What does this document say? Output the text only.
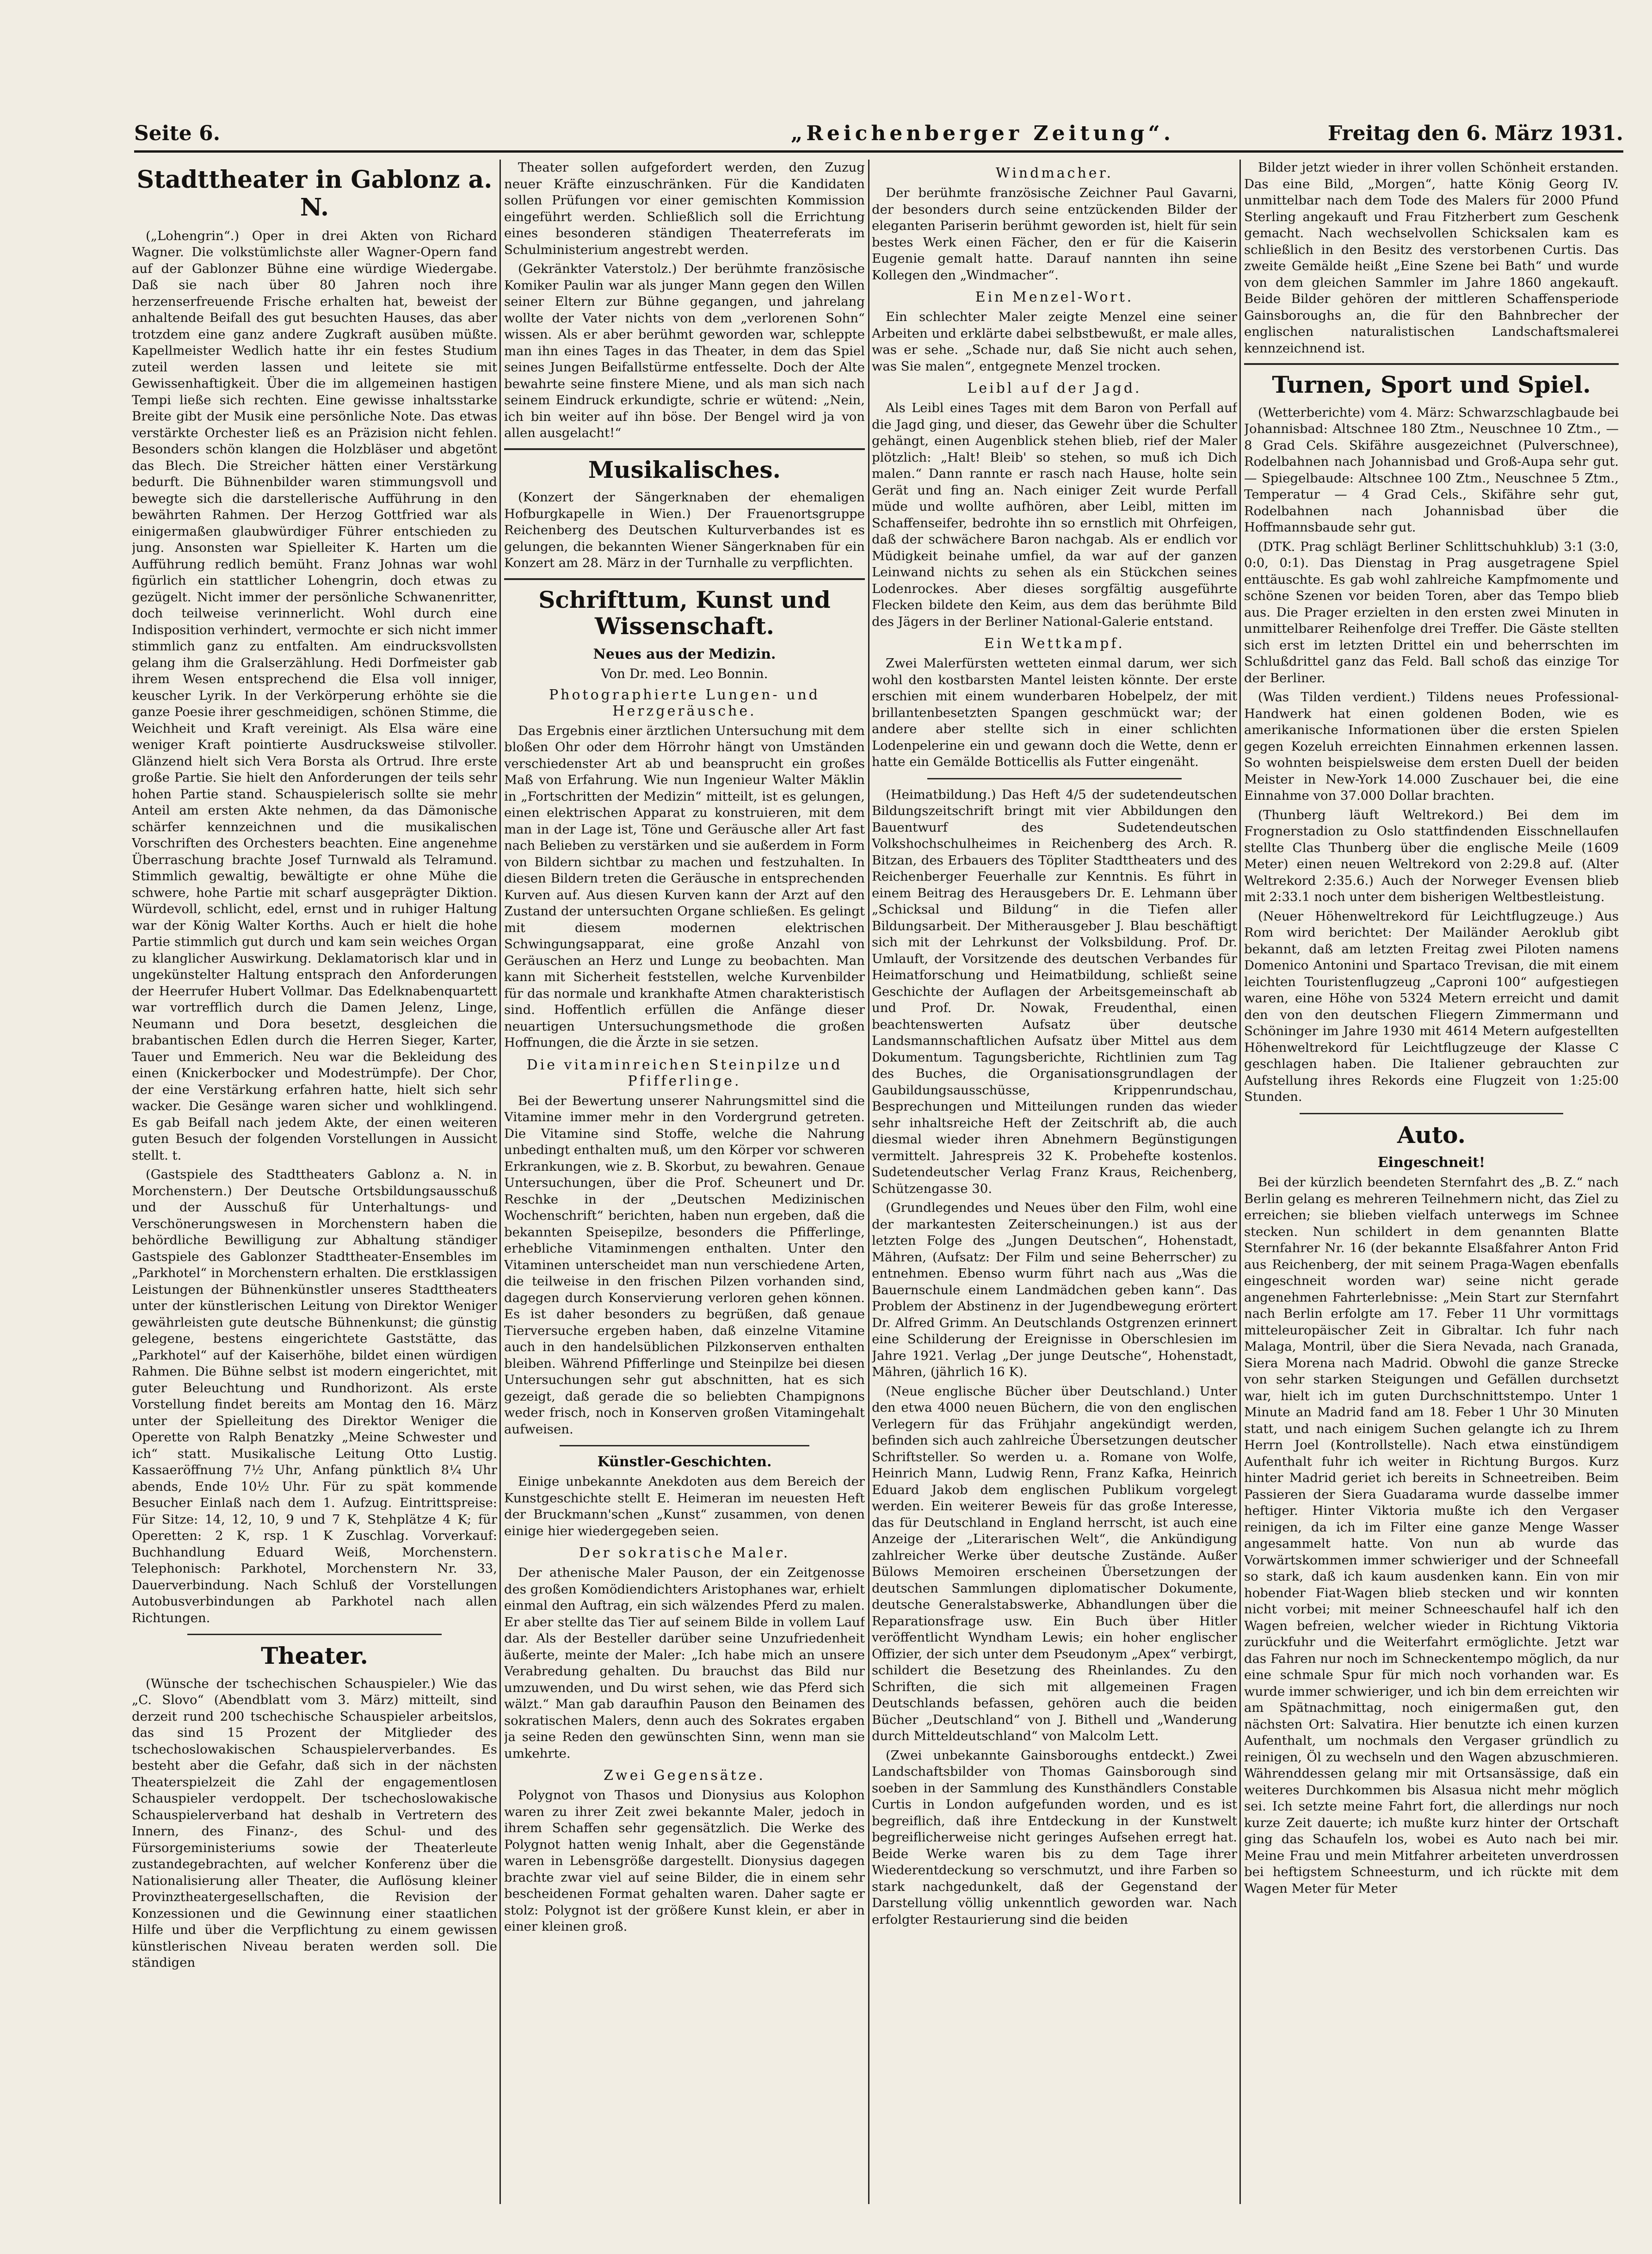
Seite 6.	„Reichenberger Zeitung“.	Freitag den 6. März 1931.
Stadttheater in Gablonz a. N.

(„Lohengrin“.) Oper in drei Akten von Richard Wagner. Die volkstümlichste aller Wagner-Opern fand auf der Gablonzer Bühne eine würdige Wiedergabe. Daß sie nach über 80 Jahren noch ihre herzenserfreuende Frische erhalten hat, beweist der anhaltende Beifall des gut besuchten Hauses, das aber trotzdem eine ganz andere Zugkraft ausüben müßte. Kapellmeister Wedlich hatte ihr ein festes Studium zuteil werden lassen und leitete sie mit Gewissenhaftigkeit. Über die im allgemeinen hastigen Tempi ließe sich rechten. Eine gewisse inhaltsstarke Breite gibt der Musik eine persönliche Note. Das etwas verstärkte Orchester ließ es an Präzision nicht fehlen. Besonders schön klangen die Holzbläser und abgetönt das Blech. Die Streicher hätten einer Verstärkung bedurft. Die Bühnenbilder waren stimmungsvoll und bewegte sich die darstellerische Aufführung in den bewährten Rahmen. Der Herzog Gottfried war als einigermaßen glaubwürdiger Führer entschieden zu jung. Ansonsten war Spielleiter K. Harten um die Aufführung redlich bemüht. Franz Johnas war wohl figürlich ein stattlicher Lohengrin, doch etwas zu gezügelt. Nicht immer der persönliche Schwanenritter, doch teilweise verinnerlicht. Wohl durch eine Indisposition verhindert, vermochte er sich nicht immer stimmlich ganz zu entfalten. Am eindrucksvollsten gelang ihm die Gralserzählung. Hedi Dorfmeister gab ihrem Wesen entsprechend die Elsa voll inniger, keuscher Lyrik. In der Verkörperung erhöhte sie die ganze Poesie ihrer geschmeidigen, schönen Stimme, die Weichheit und Kraft vereinigt. Als Elsa wäre eine weniger Kraft pointierte Ausdrucksweise stilvoller. Glänzend hielt sich Vera Borsta als Ortrud. Ihre erste große Partie. Sie hielt den Anforderungen der teils sehr hohen Partie stand. Schauspielerisch sollte sie mehr Anteil am ersten Akte nehmen, da das Dämonische schärfer kennzeichnen und die musikalischen Vorschriften des Orchesters beachten. Eine angenehme Überraschung brachte Josef Turnwald als Telramund. Stimmlich gewaltig, bewältigte er ohne Mühe die schwere, hohe Partie mit scharf ausgeprägter Diktion. Würdevoll, schlicht, edel, ernst und in ruhiger Haltung war der König Walter Korths. Auch er hielt die hohe Partie stimmlich gut durch und kam sein weiches Organ zu klanglicher Auswirkung. Deklamatorisch klar und in ungekünstelter Haltung entsprach den Anforderungen der Heerrufer Hubert Vollmar. Das Edelknabenquartett war vortrefflich durch die Damen Jelenz, Linge, Neumann und Dora besetzt, desgleichen die brabantischen Edlen durch die Herren Sieger, Karter, Tauer und Emmerich. Neu war die Bekleidung des einen (Knickerbocker und Modestrümpfe). Der Chor, der eine Verstärkung erfahren hatte, hielt sich sehr wacker. Die Gesänge waren sicher und wohlklingend. Es gab Beifall nach jedem Akte, der einen weiteren guten Besuch der folgenden Vorstellungen in Aussicht stellt. t.

(Gastspiele des Stadttheaters Gablonz a. N. in Morchenstern.) Der Deutsche Ortsbildungsausschuß und der Ausschuß für Unterhaltungs- und Verschönerungswesen in Morchenstern haben die behördliche Bewilligung zur Abhaltung ständiger Gastspiele des Gablonzer Stadttheater-Ensembles im „Parkhotel“ in Morchenstern erhalten. Die erstklassigen Leistungen der Bühnenkünstler unseres Stadttheaters unter der künstlerischen Leitung von Direktor Weniger gewährleisten gute deutsche Bühnenkunst; die günstig gelegene, bestens eingerichtete Gaststätte, das „Parkhotel“ auf der Kaiserhöhe, bildet einen würdigen Rahmen. Die Bühne selbst ist modern eingerichtet, mit guter Beleuchtung und Rundhorizont. Als erste Vorstellung findet bereits am Montag den 16. März unter der Spielleitung des Direktor Weniger die Operette von Ralph Benatzky „Meine Schwester und ich“ statt. Musikalische Leitung Otto Lustig. Kassaeröffnung 7½ Uhr, Anfang pünktlich 8¼ Uhr abends, Ende 10½ Uhr. Für zu spät kommende Besucher Einlaß nach dem 1. Aufzug. Eintrittspreise: Für Sitze: 14, 12, 10, 9 und 7 K, Stehplätze 4 K; für Operetten: 2 K, rsp. 1 K Zuschlag. Vorverkauf: Buchhandlung Eduard Weiß, Morchenstern. Telephonisch: Parkhotel, Morchenstern Nr. 33, Dauerverbindung. Nach Schluß der Vorstellungen Autobusverbindungen ab Parkhotel nach allen Richtungen.

Theater.

(Wünsche der tschechischen Schauspieler.) Wie das „C. Slovo“ (Abendblatt vom 3. März) mitteilt, sind derzeit rund 200 tschechische Schauspieler arbeitslos, das sind 15 Prozent der Mitglieder des tschechoslowakischen Schauspielerverbandes. Es besteht aber die Gefahr, daß sich in der nächsten Theaterspielzeit die Zahl der engagementlosen Schauspieler verdoppelt. Der tschechoslowakische Schauspielerverband hat deshalb in Vertretern des Innern, des Finanz-, des Schul- und des Fürsorgeministeriums sowie der Theaterleute zustandegebrachten, auf welcher Konferenz über die Nationalisierung aller Theater, die Auflösung kleiner Provinztheatergesellschaften, die Revision der Konzessionen und die Gewinnung einer staatlichen Hilfe und über die Verpflichtung zu einem gewissen künstlerischen Niveau beraten werden soll. Die ständigen

Theater sollen aufgefordert werden, den Zuzug neuer Kräfte einzuschränken. Für die Kandidaten sollen Prüfungen vor einer gemischten Kommission eingeführt werden. Schließlich soll die Errichtung eines besonderen ständigen Theaterreferats im Schulministerium angestrebt werden.

(Gekränkter Vaterstolz.) Der berühmte französische Komiker Paulin war als junger Mann gegen den Willen seiner Eltern zur Bühne gegangen, und jahrelang wollte der Vater nichts von dem „verlorenen Sohn“ wissen. Als er aber berühmt geworden war, schleppte man ihn eines Tages in das Theater, in dem das Spiel seines Jungen Beifallstürme entfesselte. Doch der Alte bewahrte seine finstere Miene, und als man sich nach seinem Eindruck erkundigte, schrie er wütend: „Nein, ich bin weiter auf ihn böse. Der Bengel wird ja von allen ausgelacht!“

Musikalisches.

(Konzert der Sängerknaben der ehemaligen Hofburgkapelle in Wien.) Der Frauenortsgruppe Reichenberg des Deutschen Kulturverbandes ist es gelungen, die bekannten Wiener Sängerknaben für ein Konzert am 28. März in der Turnhalle zu verpflichten.

Schrifttum, Kunst und Wissenschaft.
Neues aus der Medizin.
Von Dr. med. Leo Bonnin.
Photographierte Lungen- und Herzgeräusche.

Das Ergebnis einer ärztlichen Untersuchung mit dem bloßen Ohr oder dem Hörrohr hängt von Umständen verschiedenster Art ab und beansprucht ein großes Maß von Erfahrung. Wie nun Ingenieur Walter Mäklin in „Fortschritten der Medizin“ mitteilt, ist es gelungen, einen elektrischen Apparat zu konstruieren, mit dem man in der Lage ist, Töne und Geräusche aller Art fast nach Belieben zu verstärken und sie außerdem in Form von Bildern sichtbar zu machen und festzuhalten. In diesen Bildern treten die Geräusche in entsprechenden Kurven auf. Aus diesen Kurven kann der Arzt auf den Zustand der untersuchten Organe schließen. Es gelingt mit diesem modernen elektrischen Schwingungsapparat, eine große Anzahl von Geräuschen an Herz und Lunge zu beobachten. Man kann mit Sicherheit feststellen, welche Kurvenbilder für das normale und krankhafte Atmen charakteristisch sind. Hoffentlich erfüllen die Anfänge dieser neuartigen Untersuchungsmethode die großen Hoffnungen, die die Ärzte in sie setzen.

Die vitaminreichen Steinpilze und Pfifferlinge.

Bei der Bewertung unserer Nahrungsmittel sind die Vitamine immer mehr in den Vordergrund getreten. Die Vitamine sind Stoffe, welche die Nahrung unbedingt enthalten muß, um den Körper vor schweren Erkrankungen, wie z. B. Skorbut, zu bewahren. Genaue Untersuchungen, über die Prof. Scheunert und Dr. Reschke in der „Deutschen Medizinischen Wochenschrift“ berichten, haben nun ergeben, daß die bekannten Speisepilze, besonders die Pfifferlinge, erhebliche Vitaminmengen enthalten. Unter den Vitaminen unterscheidet man nun verschiedene Arten, die teilweise in den frischen Pilzen vorhanden sind, dagegen durch Konservierung verloren gehen können. Es ist daher besonders zu begrüßen, daß genaue Tierversuche ergeben haben, daß einzelne Vitamine auch in den handelsüblichen Pilzkonserven enthalten bleiben. Während Pfifferlinge und Steinpilze bei diesen Untersuchungen sehr gut abschnitten, hat es sich gezeigt, daß gerade die so beliebten Champignons weder frisch, noch in Konserven großen Vitamingehalt aufweisen.

Künstler-Geschichten.

Einige unbekannte Anekdoten aus dem Bereich der Kunstgeschichte stellt E. Heimeran im neuesten Heft der Bruckmann'schen „Kunst“ zusammen, von denen einige hier wiedergegeben seien.

Der sokratische Maler.

Der athenische Maler Pauson, der ein Zeitgenosse des großen Komödiendichters Aristophanes war, erhielt einmal den Auftrag, ein sich wälzendes Pferd zu malen. Er aber stellte das Tier auf seinem Bilde in vollem Lauf dar. Als der Besteller darüber seine Unzufriedenheit äußerte, meinte der Maler: „Ich habe mich an unsere Verabredung gehalten. Du brauchst das Bild nur umzuwenden, und Du wirst sehen, wie das Pferd sich wälzt.“ Man gab daraufhin Pauson den Beinamen des sokratischen Malers, denn auch des Sokrates ergaben ja seine Reden den gewünschten Sinn, wenn man sie umkehrte.

Zwei Gegensätze.

Polygnot von Thasos und Dionysius aus Kolophon waren zu ihrer Zeit zwei bekannte Maler, jedoch in ihrem Schaffen sehr gegensätzlich. Die Werke des Polygnot hatten wenig Inhalt, aber die Gegenstände waren in Lebensgröße dargestellt. Dionysius dagegen brachte zwar viel auf seine Bilder, die in einem sehr bescheidenen Format gehalten waren. Daher sagte er stolz: Polygnot ist der größere Kunst klein, er aber in einer kleinen groß.

Windmacher.

Der berühmte französische Zeichner Paul Gavarni, der besonders durch seine entzückenden Bilder der eleganten Pariserin berühmt geworden ist, hielt für sein bestes Werk einen Fächer, den er für die Kaiserin Eugenie gemalt hatte. Darauf nannten ihn seine Kollegen den „Windmacher“.

Ein Menzel-Wort.

Ein schlechter Maler zeigte Menzel eine seiner Arbeiten und erklärte dabei selbstbewußt, er male alles, was er sehe. „Schade nur, daß Sie nicht auch sehen, was Sie malen“, entgegnete Menzel trocken.

Leibl auf der Jagd.

Als Leibl eines Tages mit dem Baron von Perfall auf die Jagd ging, und dieser, das Gewehr über die Schulter gehängt, einen Augenblick stehen blieb, rief der Maler plötzlich: „Halt! Bleib' so stehen, so muß ich Dich malen.“ Dann rannte er rasch nach Hause, holte sein Gerät und fing an. Nach einiger Zeit wurde Perfall müde und wollte aufhören, aber Leibl, mitten im Schaffenseifer, bedrohte ihn so ernstlich mit Ohrfeigen, daß der schwächere Baron nachgab. Als er endlich vor Müdigkeit beinahe umfiel, da war auf der ganzen Leinwand nichts zu sehen als ein Stückchen seines Lodenrockes. Aber dieses sorgfältig ausgeführte Flecken bildete den Keim, aus dem das berühmte Bild des Jägers in der Berliner National-Galerie entstand.

Ein Wettkampf.

Zwei Malerfürsten wetteten einmal darum, wer sich wohl den kostbarsten Mantel leisten könnte. Der erste erschien mit einem wunderbaren Hobelpelz, der mit brillantenbesetzten Spangen geschmückt war; der andere aber stellte sich in einer schlichten Lodenpelerine ein und gewann doch die Wette, denn er hatte ein Gemälde Botticellis als Futter eingenäht.

(Heimatbildung.) Das Heft 4/5 der sudetendeutschen Bildungszeitschrift bringt mit vier Abbildungen den Bauentwurf des Sudetendeutschen Volkshochschulheimes in Reichenberg des Arch. R. Bitzan, des Erbauers des Töpliter Stadttheaters und des Reichenberger Feuerhalle zur Kenntnis. Es führt in einem Beitrag des Herausgebers Dr. E. Lehmann über „Schicksal und Bildung“ in die Tiefen aller Bildungsarbeit. Der Mitherausgeber J. Blau beschäftigt sich mit der Lehrkunst der Volksbildung. Prof. Dr. Umlauft, der Vorsitzende des deutschen Verbandes für Heimatforschung und Heimatbildung, schließt seine Geschichte der Auflagen der Arbeitsgemeinschaft ab und Prof. Dr. Nowak, Freudenthal, einen beachtenswerten Aufsatz über deutsche Landsmannschaftlichen Aufsatz über Mittel aus dem Dokumentum. Tagungsberichte, Richtlinien zum Tag des Buches, die Organisationsgrundlagen der Gaubildungsausschüsse, Krippenrundschau, Besprechungen und Mitteilungen runden das wieder sehr inhaltsreiche Heft der Zeitschrift ab, die auch diesmal wieder ihren Abnehmern Begünstigungen vermittelt. Jahrespreis 32 K. Probehefte kostenlos. Sudetendeutscher Verlag Franz Kraus, Reichenberg, Schützengasse 30.

(Grundlegendes und Neues über den Film, wohl eine der markantesten Zeiterscheinungen.) ist aus der letzten Folge des „Jungen Deutschen“, Hohenstadt, Mähren, (Aufsatz: Der Film und seine Beherrscher) zu entnehmen. Ebenso wurm führt nach aus „Was die Bauernschule einem Landmädchen geben kann“. Das Problem der Abstinenz in der Jugendbewegung erörtert Dr. Alfred Grimm. An Deutschlands Ostgrenzen erinnert eine Schilderung der Ereignisse in Oberschlesien im Jahre 1921. Verlag „Der junge Deutsche“, Hohenstadt, Mähren, (jährlich 16 K).

(Neue englische Bücher über Deutschland.) Unter den etwa 4000 neuen Büchern, die von den englischen Verlegern für das Frühjahr angekündigt werden, befinden sich auch zahlreiche Übersetzungen deutscher Schriftsteller. So werden u. a. Romane von Wolfe, Heinrich Mann, Ludwig Renn, Franz Kafka, Heinrich Eduard Jakob dem englischen Publikum vorgelegt werden. Ein weiterer Beweis für das große Interesse, das für Deutschland in England herrscht, ist auch eine Anzeige der „Literarischen Welt“, die Ankündigung zahlreicher Werke über deutsche Zustände. Außer Bülows Memoiren erscheinen Übersetzungen der deutschen Sammlungen diplomatischer Dokumente, deutsche Generalstabswerke, Abhandlungen über die Reparationsfrage usw. Ein Buch über Hitler veröffentlicht Wyndham Lewis; ein hoher englischer Offizier, der sich unter dem Pseudonym „Apex“ verbirgt, schildert die Besetzung des Rheinlandes. Zu den Schriften, die sich mit allgemeinen Fragen Deutschlands befassen, gehören auch die beiden Bücher „Deutschland“ von J. Bithell und „Wanderung durch Mitteldeutschland“ von Malcolm Lett.

(Zwei unbekannte Gainsboroughs entdeckt.) Zwei Landschaftsbilder von Thomas Gainsborough sind soeben in der Sammlung des Kunsthändlers Constable Curtis in London aufgefunden worden, und es ist begreiflich, daß ihre Entdeckung in der Kunstwelt begreiflicherweise nicht geringes Aufsehen erregt hat. Beide Werke waren bis zu dem Tage ihrer Wiederentdeckung so verschmutzt, und ihre Farben so stark nachgedunkelt, daß der Gegenstand der Darstellung völlig unkenntlich geworden war. Nach erfolgter Restaurierung sind die beiden

Bilder jetzt wieder in ihrer vollen Schönheit erstanden. Das eine Bild, „Morgen“, hatte König Georg IV. unmittelbar nach dem Tode des Malers für 2000 Pfund Sterling angekauft und Frau Fitzherbert zum Geschenk gemacht. Nach wechselvollen Schicksalen kam es schließlich in den Besitz des verstorbenen Curtis. Das zweite Gemälde heißt „Eine Szene bei Bath“ und wurde von dem gleichen Sammler im Jahre 1860 angekauft. Beide Bilder gehören der mittleren Schaffensperiode Gainsboroughs an, die für den Bahnbrecher der englischen naturalistischen Landschaftsmalerei kennzeichnend ist.

Turnen, Sport und Spiel.

(Wetterberichte) vom 4. März: Schwarzschlagbaude bei Johannisbad: Altschnee 180 Ztm., Neuschnee 10 Ztm., — 8 Grad Cels. Skifähre ausgezeichnet (Pulverschnee), Rodelbahnen nach Johannisbad und Groß-Aupa sehr gut. — Spiegelbaude: Altschnee 100 Ztm., Neuschnee 5 Ztm., Temperatur — 4 Grad Cels., Skifähre sehr gut, Rodelbahnen nach Johannisbad über die Hoffmannsbaude sehr gut.

(DTK. Prag schlägt Berliner Schlittschuhklub) 3:1 (3:0, 0:0, 0:1). Das Dienstag in Prag ausgetragene Spiel enttäuschte. Es gab wohl zahlreiche Kampfmomente und schöne Szenen vor beiden Toren, aber das Tempo blieb aus. Die Prager erzielten in den ersten zwei Minuten in unmittelbarer Reihenfolge drei Treffer. Die Gäste stellten sich erst im letzten Drittel ein und beherrschten im Schlußdrittel ganz das Feld. Ball schoß das einzige Tor der Berliner.

(Was Tilden verdient.) Tildens neues Professional-Handwerk hat einen goldenen Boden, wie es amerikanische Informationen über die ersten Spielen gegen Kozeluh erreichten Einnahmen erkennen lassen. So wohnten beispielsweise dem ersten Duell der beiden Meister in New-York 14.000 Zuschauer bei, die eine Einnahme von 37.000 Dollar brachten.

(Thunberg läuft Weltrekord.) Bei dem im Frognerstadion zu Oslo stattfindenden Eisschnellaufen stellte Clas Thunberg über die englische Meile (1609 Meter) einen neuen Weltrekord von 2:29.8 auf. (Alter Weltrekord 2:35.6.) Auch der Norweger Evensen blieb mit 2:33.1 noch unter dem bisherigen Weltbestleistung.

(Neuer Höhenweltrekord für Leichtflugzeuge.) Aus Rom wird berichtet: Der Mailänder Aeroklub gibt bekannt, daß am letzten Freitag zwei Piloten namens Domenico Antonini und Spartaco Trevisan, die mit einem leichten Touristenflugzeug „Caproni 100“ aufgestiegen waren, eine Höhe von 5324 Metern erreicht und damit den von den deutschen Fliegern Zimmermann und Schöninger im Jahre 1930 mit 4614 Metern aufgestellten Höhenweltrekord für Leichtflugzeuge der Klasse C geschlagen haben. Die Italiener gebrauchten zur Aufstellung ihres Rekords eine Flugzeit von 1:25:00 Stunden.

Auto.
Eingeschneit!

Bei der kürzlich beendeten Sternfahrt des „B. Z.“ nach Berlin gelang es mehreren Teilnehmern nicht, das Ziel zu erreichen; sie blieben vielfach unterwegs im Schnee stecken. Nun schildert in dem genannten Blatte Sternfahrer Nr. 16 (der bekannte Elsaßfahrer Anton Frid aus Reichenberg, der mit seinem Praga-Wagen ebenfalls eingeschneit worden war) seine nicht gerade angenehmen Fahrterlebnisse: „Mein Start zur Sternfahrt nach Berlin erfolgte am 17. Feber 11 Uhr vormittags mitteleuropäischer Zeit in Gibraltar. Ich fuhr nach Malaga, Montril, über die Siera Nevada, nach Granada, Siera Morena nach Madrid. Obwohl die ganze Strecke von sehr starken Steigungen und Gefällen durchsetzt war, hielt ich im guten Durchschnittstempo. Unter 1 Minute an Madrid fand am 18. Feber 1 Uhr 30 Minuten statt, und nach einigem Suchen gelangte ich zu Ihrem Herrn Joel (Kontrollstelle). Nach etwa einstündigem Aufenthalt fuhr ich weiter in Richtung Burgos. Kurz hinter Madrid geriet ich bereits in Schneetreiben. Beim Passieren der Siera Guadarama wurde dasselbe immer heftiger. Hinter Viktoria mußte ich den Vergaser reinigen, da ich im Filter eine ganze Menge Wasser angesammelt hatte. Von nun ab wurde das Vorwärtskommen immer schwieriger und der Schneefall so stark, daß ich kaum ausdenken kann. Ein von mir hobender Fiat-Wagen blieb stecken und wir konnten nicht vorbei; mit meiner Schneeschaufel half ich den Wagen befreien, welcher wieder in Richtung Viktoria zurückfuhr und die Weiterfahrt ermöglichte. Jetzt war das Fahren nur noch im Schneckentempo möglich, da nur eine schmale Spur für mich noch vorhanden war. Es wurde immer schwieriger, und ich bin dem erreichten wir am Spätnachmittag, noch einigermaßen gut, den nächsten Ort: Salvatira. Hier benutzte ich einen kurzen Aufenthalt, um nochmals den Vergaser gründlich zu reinigen, Öl zu wechseln und den Wagen abzuschmieren. Währenddessen gelang mir mit Ortsansässige, daß ein weiteres Durchkommen bis Alsasua nicht mehr möglich sei. Ich setzte meine Fahrt fort, die allerdings nur noch kurze Zeit dauerte; ich mußte kurz hinter der Ortschaft ging das Schaufeln los, wobei es Auto nach bei mir. Meine Frau und mein Mitfahrer arbeiteten unverdrossen bei heftigstem Schneesturm, und ich rückte mit dem Wagen Meter für Meter
